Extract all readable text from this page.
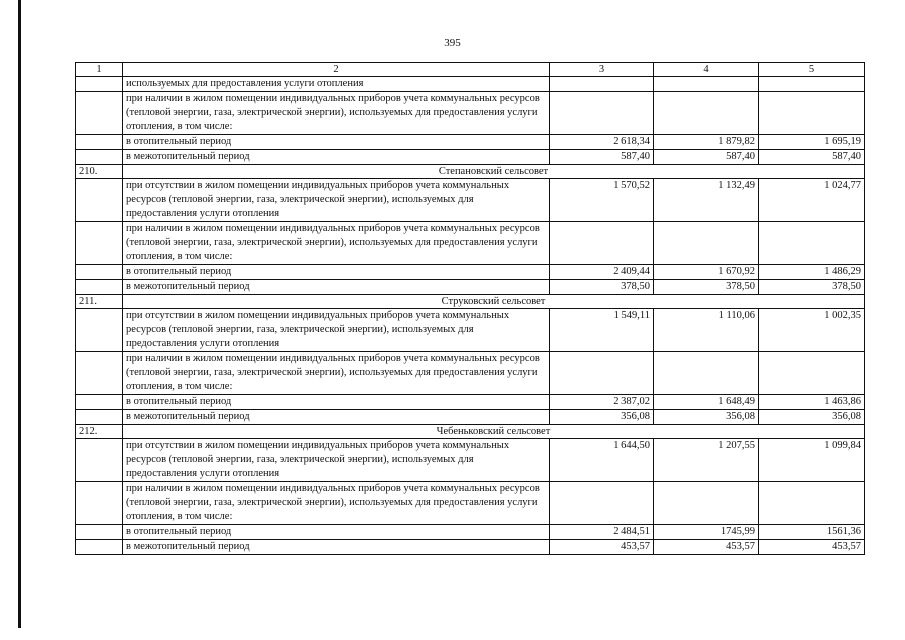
395
1	2	3	4	5
	используемых для предоставления услуги отопления			
	при наличии в жилом помещении индивидуальных приборов учета коммунальных ресурсов (тепловой энергии, газа, электрической энергии), используемых для предоставления услуги отопления, в том числе:			
	в отопительный период	2 618,34	1 879,82	1 695,19
	в межотопительный период	587,40	587,40	587,40
210.	Степановский сельсовет			
	при отсутствии в жилом помещении индивидуальных приборов учета коммунальных ресурсов (тепловой энергии, газа, электрической энергии), используемых для предоставления услуги отопления	1 570,52	1 132,49	1 024,77
	при наличии в жилом помещении индивидуальных приборов учета коммунальных ресурсов (тепловой энергии, газа, электрической энергии), используемых для предоставления услуги отопления, в том числе:			
	в отопительный период	2 409,44	1 670,92	1 486,29
	в межотопительный период	378,50	378,50	378,50
211.	Струковский сельсовет			
	при отсутствии в жилом помещении индивидуальных приборов учета коммунальных ресурсов (тепловой энергии, газа, электрической энергии), используемых для предоставления услуги отопления	1 549,11	1 110,06	1 002,35
	при наличии в жилом помещении индивидуальных приборов учета коммунальных ресурсов (тепловой энергии, газа, электрической энергии), используемых для предоставления услуги отопления, в том числе:			
	в отопительный период	2 387,02	1 648,49	1 463,86
	в межотопительный период	356,08	356,08	356,08
212.	Чебеньковский сельсовет			
	при отсутствии в жилом помещении индивидуальных приборов учета коммунальных ресурсов (тепловой энергии, газа, электрической энергии), используемых для предоставления услуги отопления	1 644,50	1 207,55	1 099,84
	при наличии в жилом помещении индивидуальных приборов учета коммунальных ресурсов (тепловой энергии, газа, электрической энергии), используемых для предоставления услуги отопления, в том числе:			
	в отопительный период	2 484,51	1745,99	1561,36
	в межотопительный период	453,57	453,57	453,57
